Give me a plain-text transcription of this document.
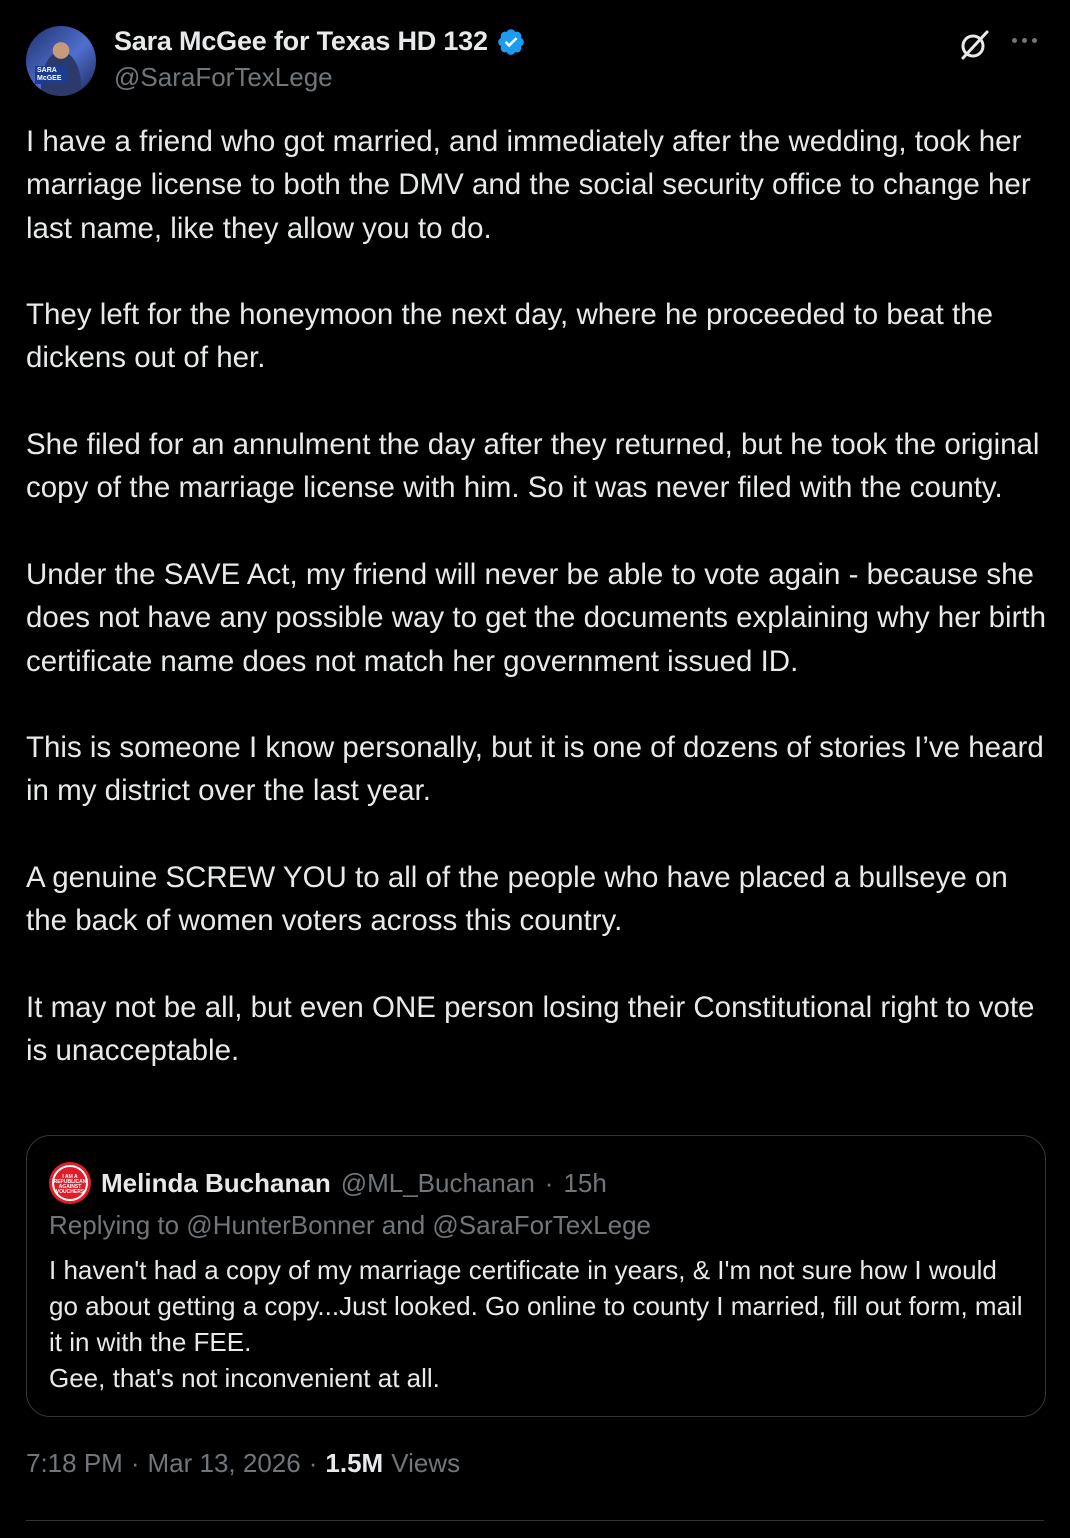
SARA
McGEE
Sara McGee for Texas HD 132
@SaraForTexLege

I have a friend who got married, and immediately after the wedding, took her marriage license to both the DMV and the social security office to change her last name, like they allow you to do.

They left for the honeymoon the next day, where he proceeded to beat the dickens out of her.

She filed for an annulment the day after they returned, but he took the original copy of the marriage license with him. So it was never filed with the county.

Under the SAVE Act, my friend will never be able to vote again - because she does not have any possible way to get the documents explaining why her birth certificate name does not match her government issued ID.

This is someone I know personally, but it is one of dozens of stories I’ve heard in my district over the last year.

A genuine SCREW YOU to all of the people who have placed a bullseye on the back of women voters across this country.

It may not be all, but even ONE person losing their Constitutional right to vote is unacceptable.

I AM A REPUBLICAN AGAINST VOUCHERS Melinda Buchanan @ML_Buchanan · 15h
Replying to @HunterBonner and @SaraForTexLege
I haven't had a copy of my marriage certificate in years, & I'm not sure how I would go about getting a copy...Just looked. Go online to county I married, fill out form, mail it in with the FEE.
Gee, that's not inconvenient at all.
7:18 PM · Mar 13, 2026 · 1.5M Views
